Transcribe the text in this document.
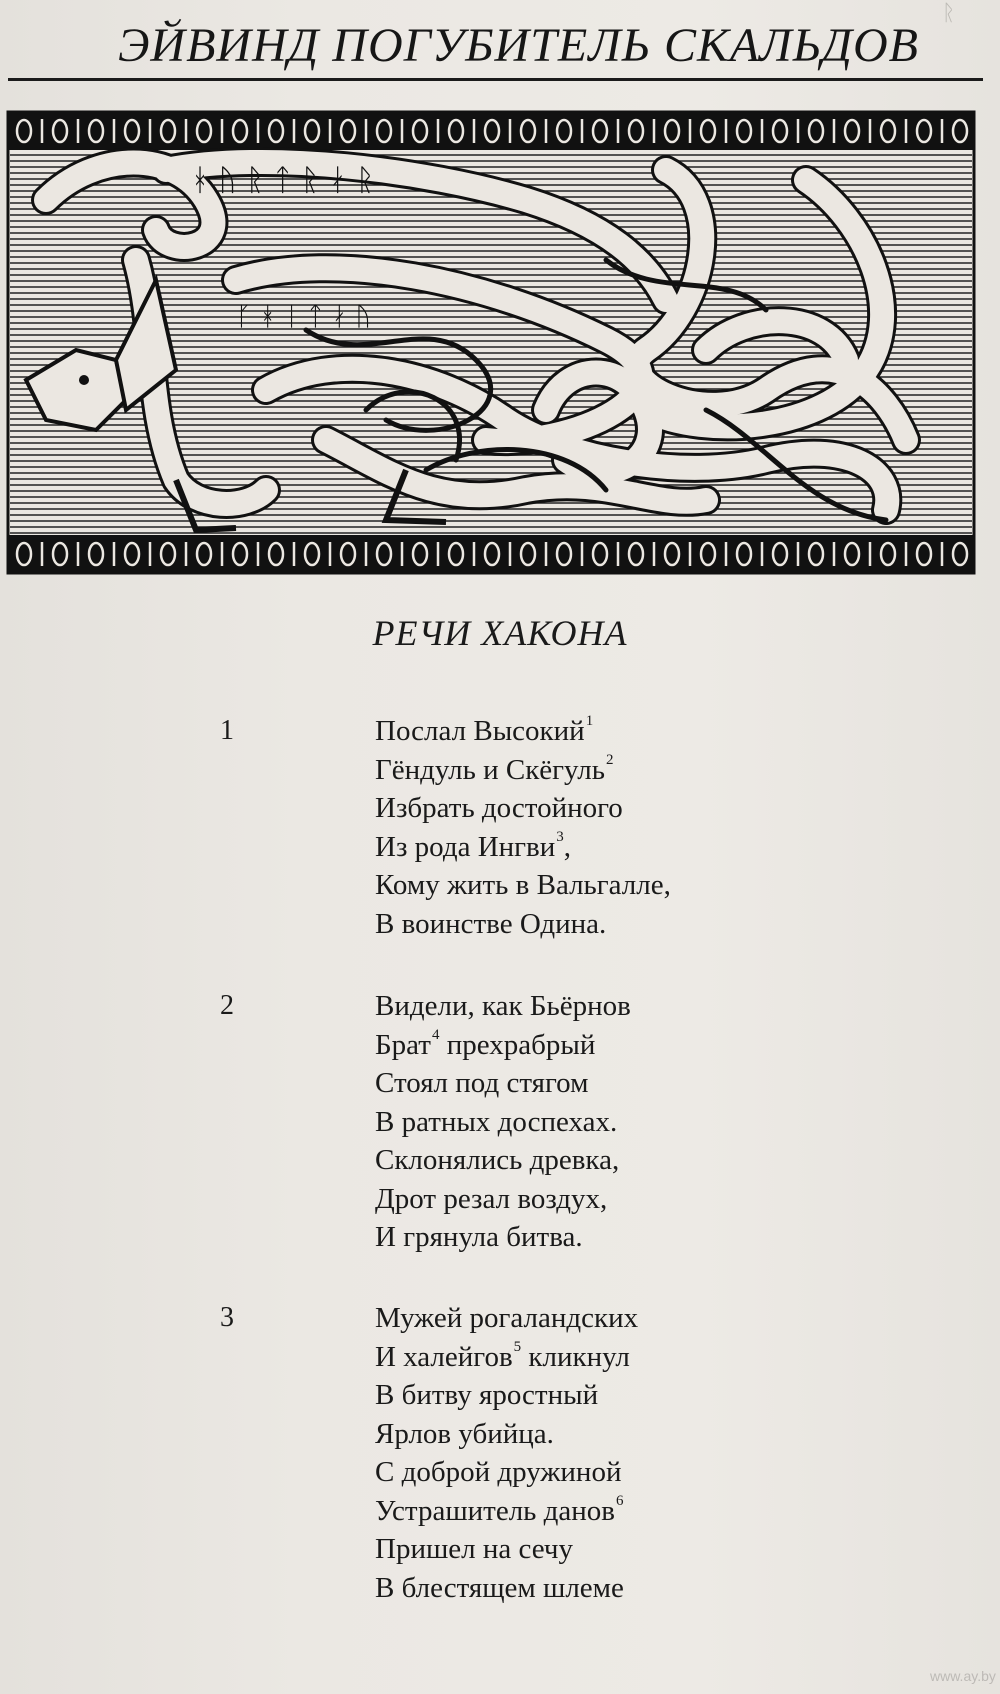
ЭЙВИНД ПОГУБИТЕЛЬ СКАЛЬДОВ
ᚼ ᚢ ᚱ ᛏ ᚱ ᛅ ᚱ
ᚴ ᚼ ᛁ ᛏ ᛅ ᚢ
РЕЧИ ХАКОНА
1	Послал Высокий$^1$
Гёндуль и Скёгуль$^2$
Избрать достойного
Из рода Ингви$^3$,
Кому жить в Вальгалле,
В воинстве Одина.
2	Видели, как Бьёрнов
Брат$^4$ прехрабрый
Стоял под стягом
В ратных доспехах.
Склонялись древка,
Дрот резал воздух,
И грянула битва.
3	Мужей рогаландских
И халейгов$^5$ кликнул
В битву яростный
Ярлов убийца.
С доброй дружиной
Устрашитель данов$^6$
Пришел на сечу
В блестящем шлеме
ᚱ
www.ay.by
